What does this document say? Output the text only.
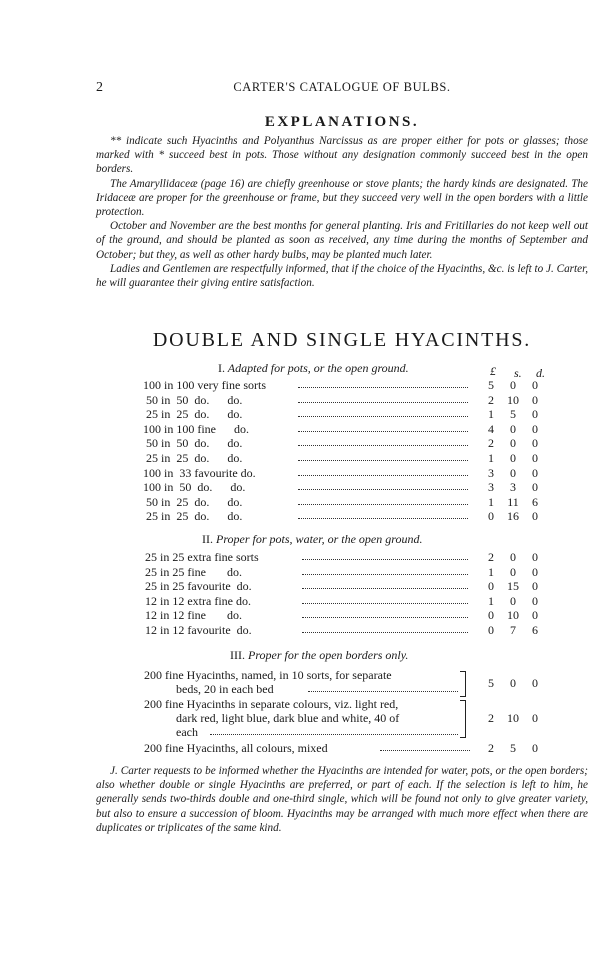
2	CARTER'S CATALOGUE OF BULBS.
EXPLANATIONS.

** indicate such Hyacinths and Polyanthus Narcissus as are proper either for pots or glasses; those marked with * succeed best in pots. Those without any designation commonly succeed best in the open borders.

The Amaryllidaceæ (page 16) are chiefly greenhouse or stove plants; the hardy kinds are designated. The Iridaceæ are proper for the greenhouse or frame, but they succeed very well in the open borders with a little protection.

October and November are the best months for general planting. Iris and Fritillaries do not keep well out of the ground, and should be planted as soon as received, any time during the months of September and October; but they, as well as other hardy bulbs, may be planted much later.

Ladies and Gentlemen are respectfully informed, that if the choice of the Hyacinths, &c. is left to J. Carter, he will guarantee their giving entire satisfaction.

DOUBLE AND SINGLE HYACINTHS.
I. Adapted for pots, or the open ground.	£ s. d.
100 in 100 very fine sorts	5	0	0
50 in  50  do.      do.	2	10	0
25 in  25  do.      do.	1	5	0
100 in 100 fine      do.	4	0	0
50 in  50  do.      do.	2	0	0
25 in  25  do.      do.	1	0	0
100 in  33 favourite do.	3	0	0
100 in  50  do.      do.	3	3	0
50 in  25  do.      do.	1	11	6
25 in  25  do.      do.	0	16	0
II. Proper for pots, water, or the open ground.
25 in 25 extra fine sorts	2	0	0
25 in 25 fine       do.	1	0	0
25 in 25 favourite  do.	0	15	0
12 in 12 extra fine do.	1	0	0
12 in 12 fine       do.	0	10	0
12 in 12 favourite  do.	0	7	6
III. Proper for the open borders only.
200 fine Hyacinths, named, in 10 sorts, for separate
beds, 20 in each bed	5	0	0
200 fine Hyacinths in separate colours, viz. light red,
dark red, light blue, dark blue and white, 40 of
each
2	10	0
200 fine Hyacinths, all colours, mixed	2	5	0

J. Carter requests to be informed whether the Hyacinths are intended for water, pots, or the open borders; also whether double or single Hyacinths are preferred, or part of each. If the selection is left to him, he generally sends two-thirds double and one-third single, which will be found not only to give greater variety, but also to ensure a succession of bloom. Hyacinths may be arranged with much more effect when there are duplicates or triplicates of the same kind.
